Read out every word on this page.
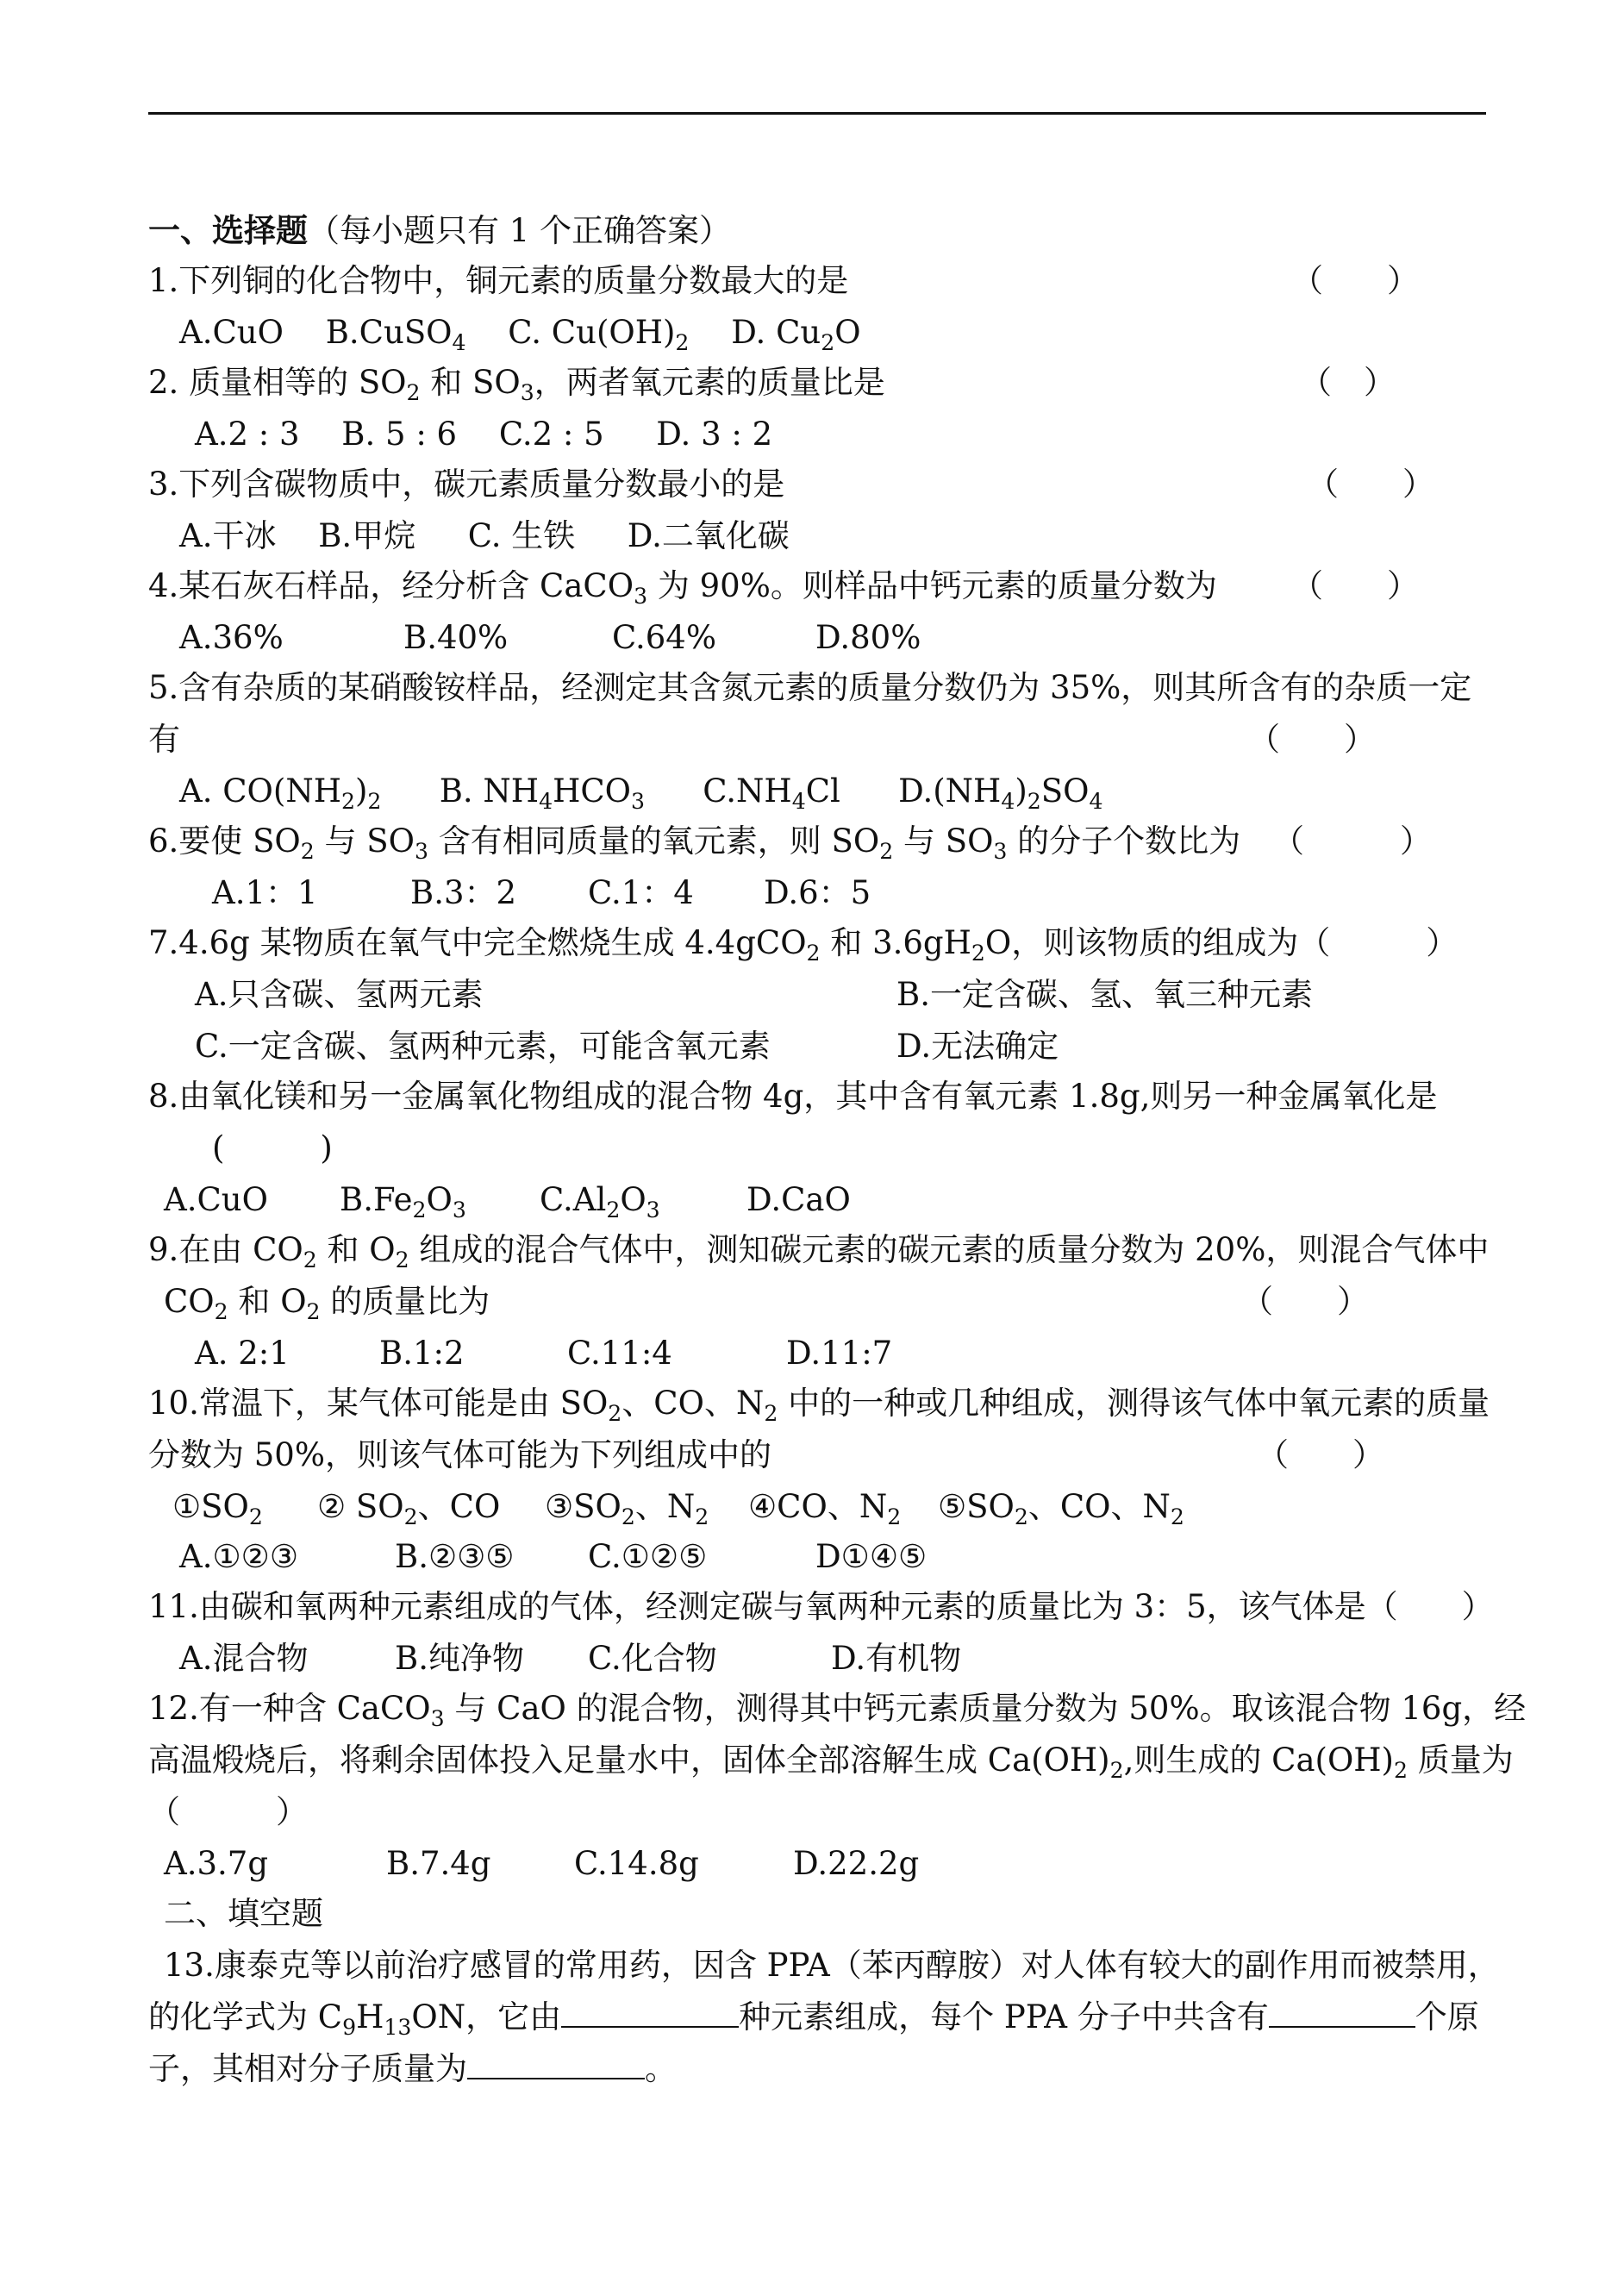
一、选择题（每小题只有 1 个正确答案）
1.下列铜的化合物中，铜元素的质量分数最大的是	（　　）
A.CuO  B.CuSO$_4$  C. $Cu(OH)_2$  D. $Cu_2O$
2. 质量相等的 $SO_2$ 和 $SO_3$，两者氧元素的质量比是	（　）
A.2 : 3　 B. 5 : 6 　C.2 : 5 　 D. 3 : 2
3.下列含碳物质中，碳元素质量分数最小的是	（　　）
A.干冰 　B.甲烷 　 C. 生铁 　 D.二氧化碳
4.某石灰石样品，经分析含 CaCO$_3$ 为 90%。则样品中钙元素的质量分数为 （　　）
A.36%	B.40%	C.64%	D.80%
5.含有杂质的某硝酸铵样品，经测定其含氮元素的质量分数仍为 35%，则其所含有的杂质一定
有	（　　）
A. $CO(NH_2)_2$   B. $NH_4HCO_3$   $C.NH_4Cl$   $D.(NH_4)_2SO_4$
6.要使 $SO_2$ 与 $SO_3$ 含有相同质量的氧元素，则 $SO_2$ 与 $SO_3$ 的分子个数比为 （　　　）
A.1：1	B.3：2 C.1：4 D.6：5
7.4.6g 某物质在氧气中完全燃烧生成 4.4gCO$_2$ 和 $3.6gH_2O$，则该物质的组成为（　　　）
A.只含碳、氢两元素	B.一定含碳、氢、氧三种元素
C.一定含碳、氢两种元素，可能含氧元素	D.无法确定
8.由氧化镁和另一金属氧化物组成的混合物 4g，其中含有氧元素 1.8g,则另一种金属氧化是
(　　　)
A.CuO $B.Fe_2O_3$ $C.Al_2O_3$	D.CaO
9.在由 $CO_2$ 和 $O_2$ 组成的混合气体中，测知碳元素的碳元素的质量分数为 20%，则混合气体中
$CO_2$ 和 $O_2$ 的质量比为	（　　）
A. 2:1	B.1:2	C.11:4	D.11:7
10.常温下，某气体可能是由 $SO_2$、CO、$N_2$ 中的一种或几种组成，测得该气体中氧元素的质量
分数为 50%，则该气体可能为下列组成中的	（　　）
$①SO_2$ ② $SO_2$、CO $③SO_2$、$N_2$ ④CO、$N_2$ $⑤SO_2$、CO、$N_2$
A.①②③	B.②③⑤ C.①②⑤	D①④⑤
11.由碳和氧两种元素组成的气体，经测定碳与氧两种元素的质量比为 3：5，该气体是（　　）
A.混合物	B.纯净物 C.化合物	D.有机物
12.有一种含 CaCO$_3$ 与 CaO 的混合物，测得其中钙元素质量分数为 50%。取该混合物 16g，经
高温煅烧后，将剩余固体投入足量水中，固体全部溶解生成 $Ca(OH)_2$,则生成的 $Ca(OH)_2$ 质量为
（　　　）
A.3.7g	B.7.4g	C.14.8g	D.22.2g
二、填空题
13.康泰克等以前治疗感冒的常用药，因含 PPA（苯丙醇胺）对人体有较大的副作用而被禁用，
的化学式为 $C_9H_{13}ON$，它由	种元素组成，每个 PPA 分子中共含有	个原
子，其相对分子质量为	。
